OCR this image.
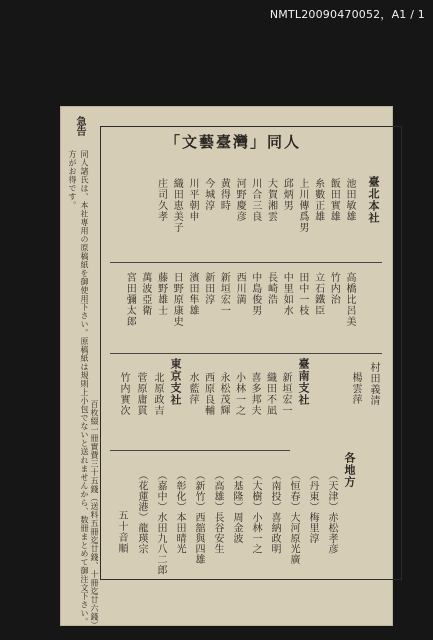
NMTL20090470052，A1 / 1
「文藝臺灣」同人
急告
同人諸氏は、本社専用の原稿紙を御使用下さい。原稿紙は規則上小包でないと送れませんから、数冊まとめて御注文下さい。
方がお得です。
百枚綴一冊實費三十五錢（送料五冊迄廿錢、十冊迄廿六錢）
臺北本社
池田敏雄
高橋比呂美
飯田實雄
竹内治
糸數正雄
立石鐵臣
上川傳爲男
田中一枝
邱炳男
中里如水
大賀湘雲
長崎浩
川合三良
中島俊男
河野慶彦
西川満
黄得時
新垣宏一
今城淳
新田淳
川平朝申
濱田隼雄
織田恵美子
日野原康史
庄司久孝
藤野雄士
萬波亞衛
宮田彌太郎
臺南支社	村田義清
楊雲萍
新垣宏一
織田不凪
喜多邦夫
小林一之
永松茂輝
西原良輔
水藍萍
東京支社
北原政吉
菅原庸貫
竹内實次
各地方
（天津）赤松孝彦
（丹東）梅里淳
（恒春）大河原光廣
（南投）喜納政明
（大樹）小林一之
（基隆）周金波
（高雄）長谷安生
（新竹）西舘與四雄
（彰化）本田晴光
（嘉中）水田九八二郎
（花蓮港）龍瑛宗
五十音順
